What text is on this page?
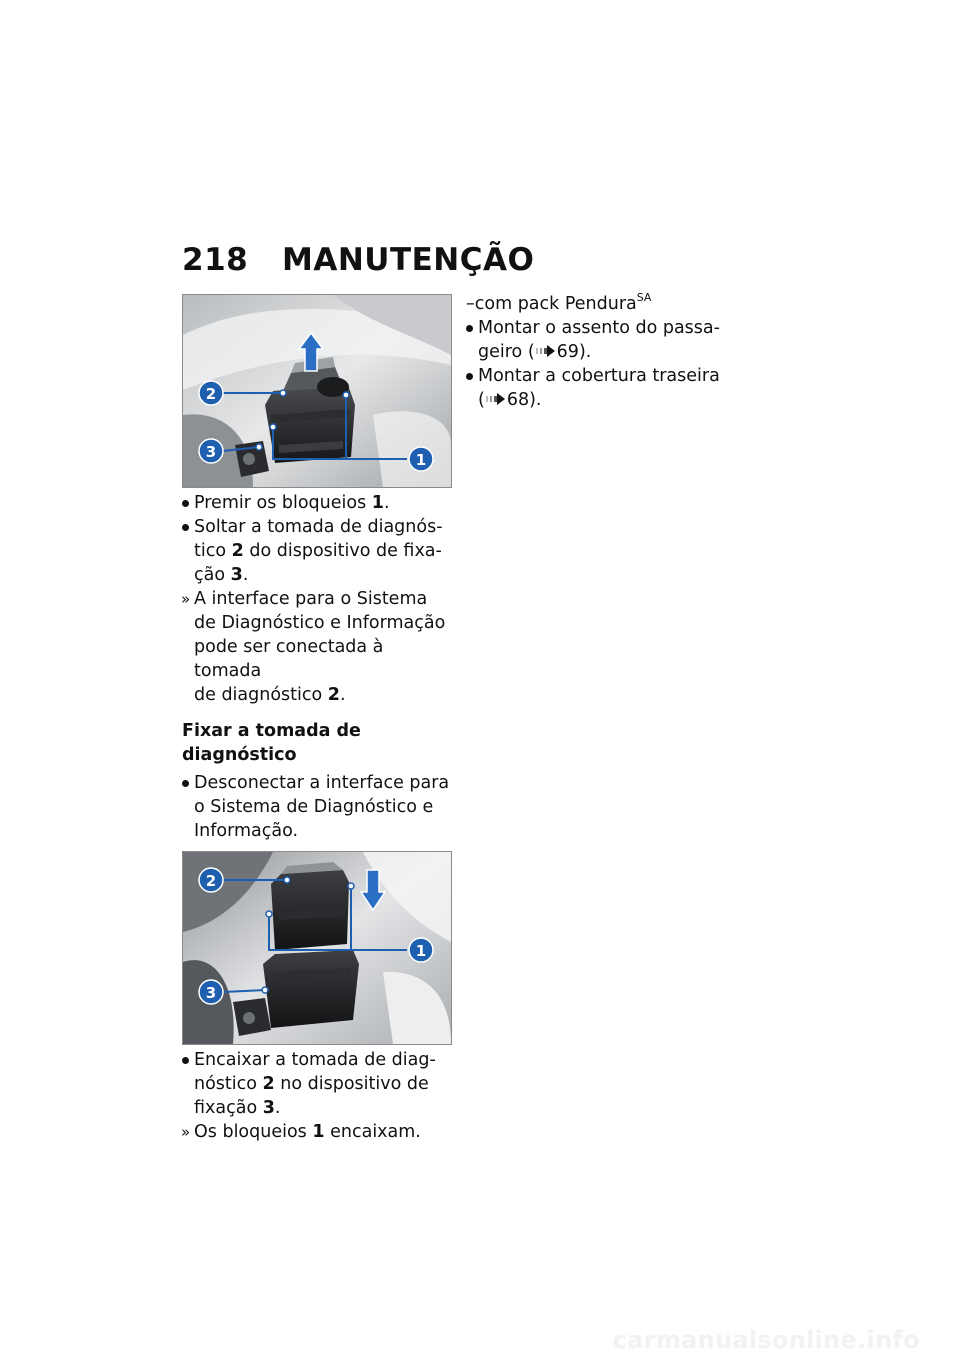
218 MANUTENÇÃO
2
3	1
Premir os bloqueios 1.
Soltar a tomada de diagnós-
tico 2 do dispositivo de fixa-
ção 3.
» A interface para o Sistema
de Diagnóstico e Informação
pode ser conectada à tomada
de diagnóstico 2.
Fixar a tomada de diagnóstico
Desconectar a interface para
o Sistema de Diagnóstico e
Informação.
2
1
3
Encaixar a tomada de diag-
nóstico 2 no dispositivo de
fixação 3.
» Os bloqueios 1 encaixam.
–com pack Pendura$^{SA}$
Montar o assento do passa-
geiro ( 69).
Montar a cobertura traseira
( 68).
carmanualsonline.info
